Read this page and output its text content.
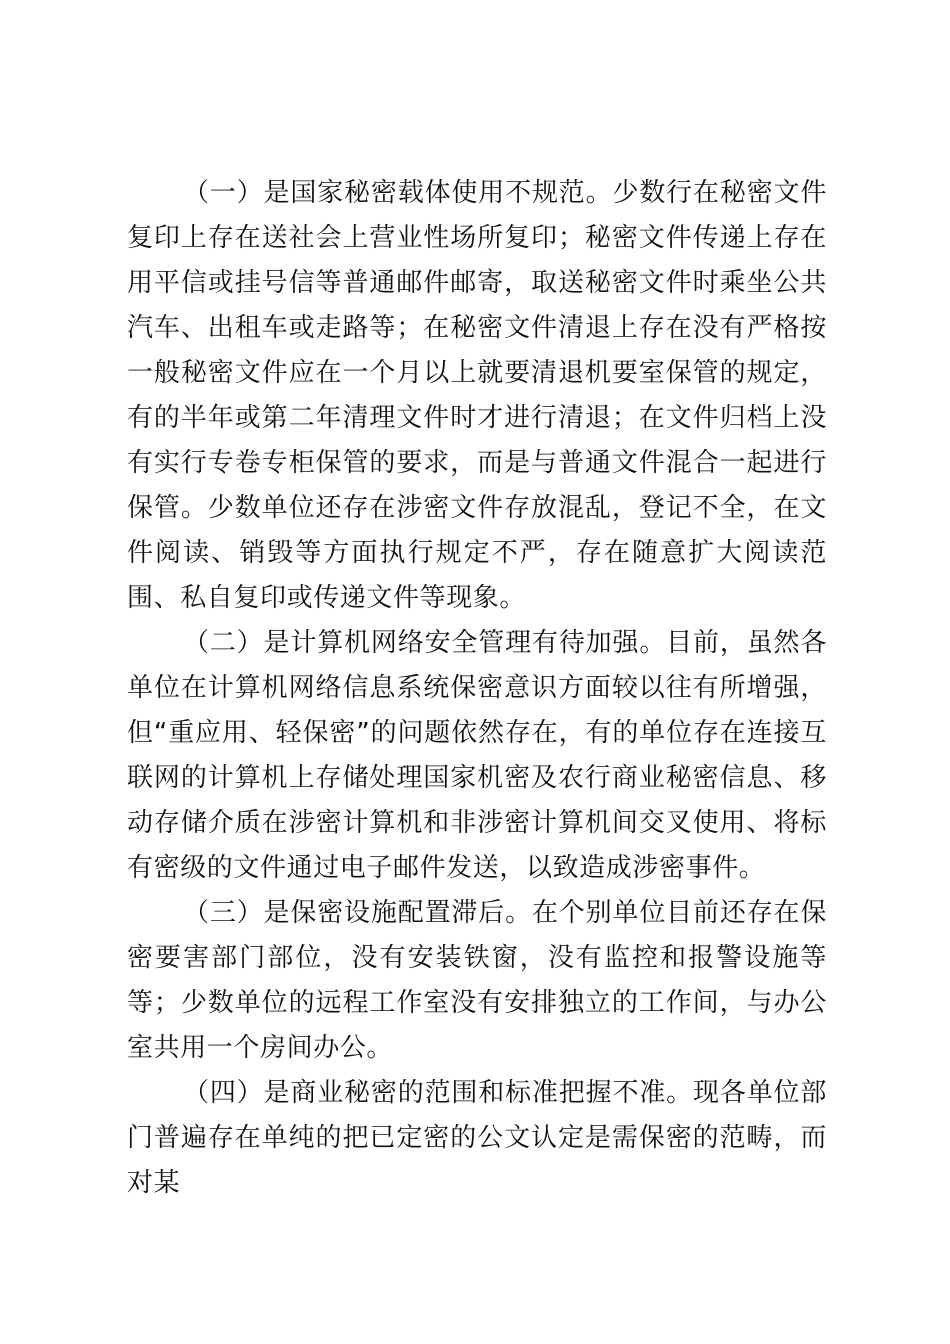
（一）是国家秘密载体使用不规范。少数行在秘密文件复印上存在送社会上营业性场所复印；秘密文件传递上存在用平信或挂号信等普通邮件邮寄，取送秘密文件时乘坐公共汽车、出租车或走路等；在秘密文件清退上存在没有严格按一般秘密文件应在一个月以上就要清退机要室保管的规定，有的半年或第二年清理文件时才进行清退；在文件归档上没有实行专卷专柜保管的要求，而是与普通文件混合一起进行保管。少数单位还存在涉密文件存放混乱，登记不全，在文件阅读、销毁等方面执行规定不严，存在随意扩大阅读范围、私自复印或传递文件等现象。

（二）是计算机网络安全管理有待加强。目前，虽然各单位在计算机网络信息系统保密意识方面较以往有所增强，但“重应用、轻保密”的问题依然存在，有的单位存在连接互联网的计算机上存储处理国家机密及农行商业秘密信息、移动存储介质在涉密计算机和非涉密计算机间交叉使用、将标有密级的文件通过电子邮件发送，以致造成涉密事件。

（三）是保密设施配置滞后。在个别单位目前还存在保密要害部门部位，没有安装铁窗，没有监控和报警设施等等；少数单位的远程工作室没有安排独立的工作间，与办公室共用一个房间办公。

（四）是商业秘密的范围和标准把握不准。现各单位部门普遍存在单纯的把已定密的公文认定是需保密的范畴，而对某
